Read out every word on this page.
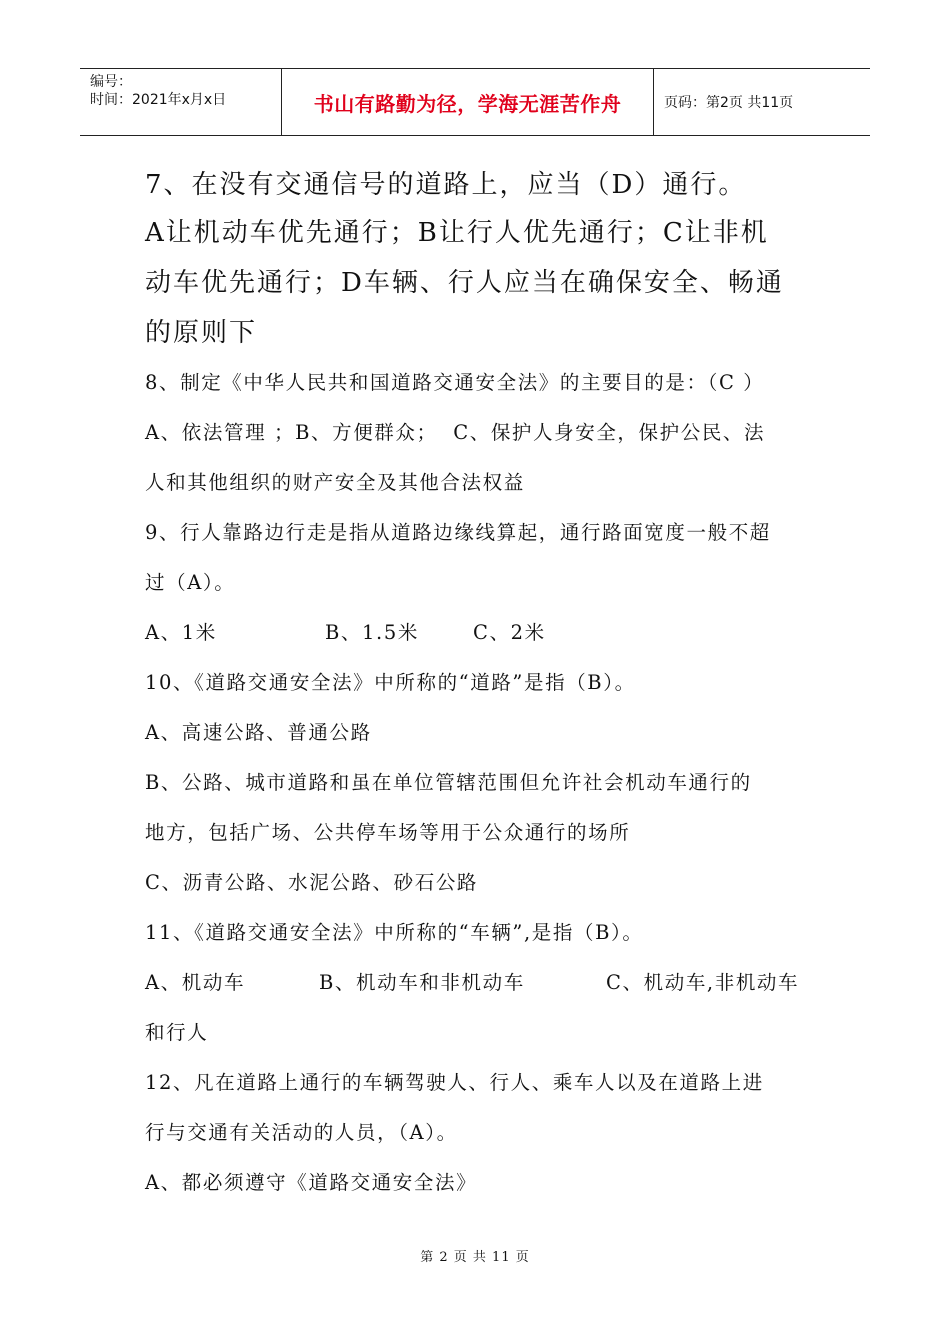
编号：
时间：2021年x月x日	书山有路勤为径，学海无涯苦作舟	页码：第2页 共11页

7、在没有交通信号的道路上，应当（D）通行。

A让机动车优先通行；B让行人优先通行；C让非机

动车优先通行；D车辆、行人应当在确保安全、畅通

的原则下

8、制定《中华人民共和国道路交通安全法》的主要目的是：（C ）

A、依法管理 ；B、方便群众；  C、保护人身安全，保护公民、法

人和其他组织的财产安全及其他合法权益

9、行人靠路边行走是指从道路边缘线算起，通行路面宽度一般不超

过（A）。

A、1米	B、1.5米	C、2米

10、《道路交通安全法》中所称的“道路”是指（B）。

A、高速公路、普通公路

B、公路、城市道路和虽在单位管辖范围但允许社会机动车通行的

地方，包括广场、公共停车场等用于公众通行的场所

C、沥青公路、水泥公路、砂石公路

11、《道路交通安全法》中所称的“车辆”,是指（B）。

A、机动车	B、机动车和非机动车	C、机动车,非机动车

和行人

12、凡在道路上通行的车辆驾驶人、行人、乘车人以及在道路上进

行与交通有关活动的人员，（A）。

A、都必须遵守《道路交通安全法》

第 2 页 共 11 页
